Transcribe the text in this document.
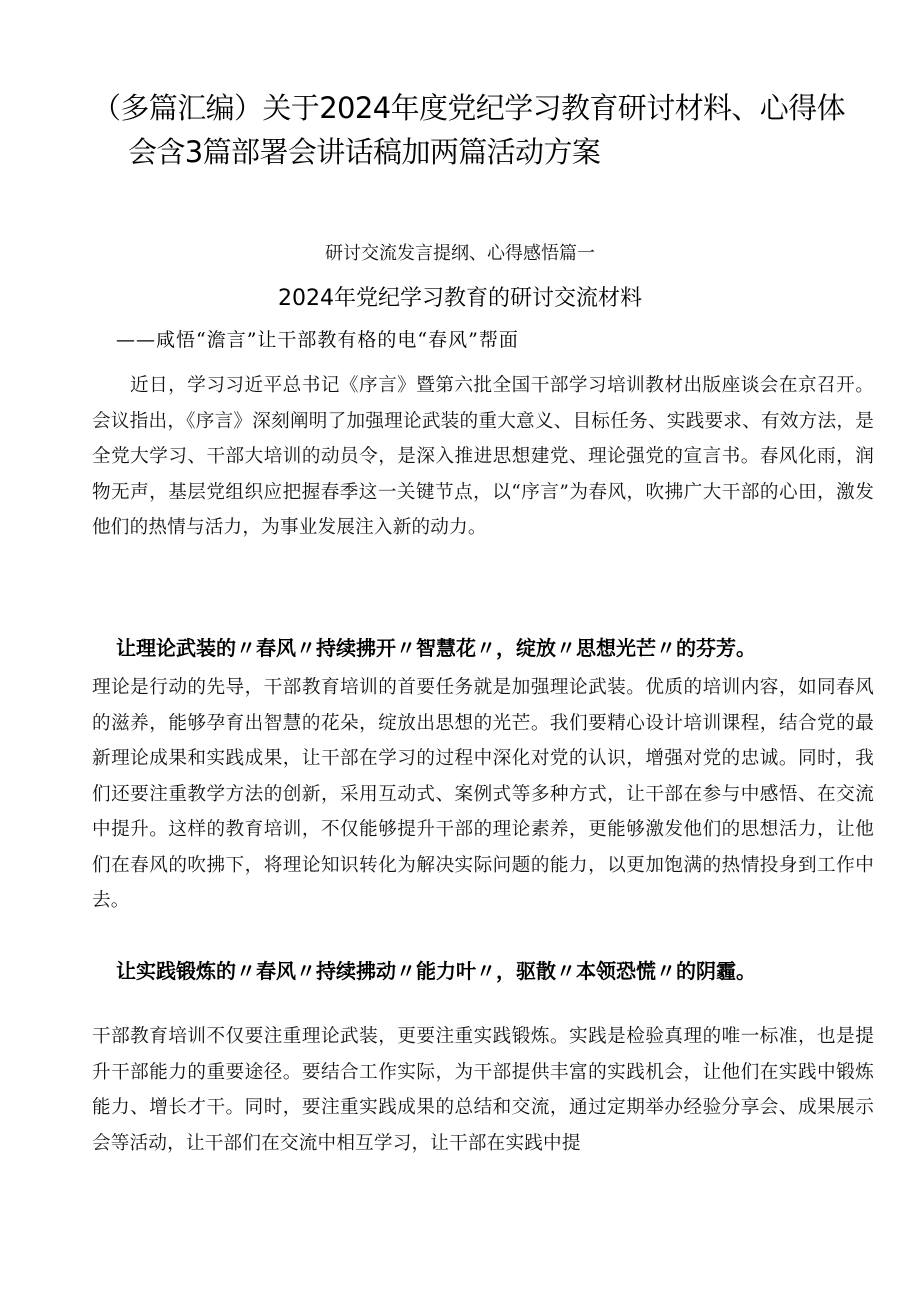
（多篇汇编）关于2024年度党纪学习教育研讨材料、心得体
会含3篇部署会讲话稿加两篇活动方案
研讨交流发言提纲、心得感悟篇一
2024年党纪学习教育的研讨交流材料
——咸悟“澹言”让干部教有格的电“春风”帮面

近日，学习习近平总书记《序言》暨第六批全国干部学习培训教材出版座谈会在京召开。会议指出，《序言》深刻阐明了加强理论武装的重大意义、目标任务、实践要求、有效方法，是全党大学习、干部大培训的动员令，是深入推进思想建党、理论强党的宣言书。春风化雨，润物无声，基层党组织应把握春季这一关键节点，以“序言”为春风，吹拂广大干部的心田，激发他们的热情与活力，为事业发展注入新的动力。

让理论武装的〃春风〃持续拂开〃智慧花〃，绽放〃思想光芒〃的芬芳。

理论是行动的先导，干部教育培训的首要任务就是加强理论武装。优质的培训内容，如同春风的滋养，能够孕育出智慧的花朵，绽放出思想的光芒。我们要精心设计培训课程，结合党的最新理论成果和实践成果，让干部在学习的过程中深化对党的认识，增强对党的忠诚。同时，我们还要注重教学方法的创新，采用互动式、案例式等多种方式，让干部在参与中感悟、在交流中提升。这样的教育培训，不仅能够提升干部的理论素养，更能够激发他们的思想活力，让他们在春风的吹拂下，将理论知识转化为解决实际问题的能力，以更加饱满的热情投身到工作中去。

让实践锻炼的〃春风〃持续拂动〃能力叶〃，驱散〃本领恐慌〃的阴霾。

干部教育培训不仅要注重理论武装，更要注重实践锻炼。实践是检验真理的唯一标准，也是提升干部能力的重要途径。要结合工作实际，为干部提供丰富的实践机会，让他们在实践中锻炼能力、增长才干。同时，要注重实践成果的总结和交流，通过定期举办经验分享会、成果展示会等活动，让干部们在交流中相互学习，让干部在实践中提
